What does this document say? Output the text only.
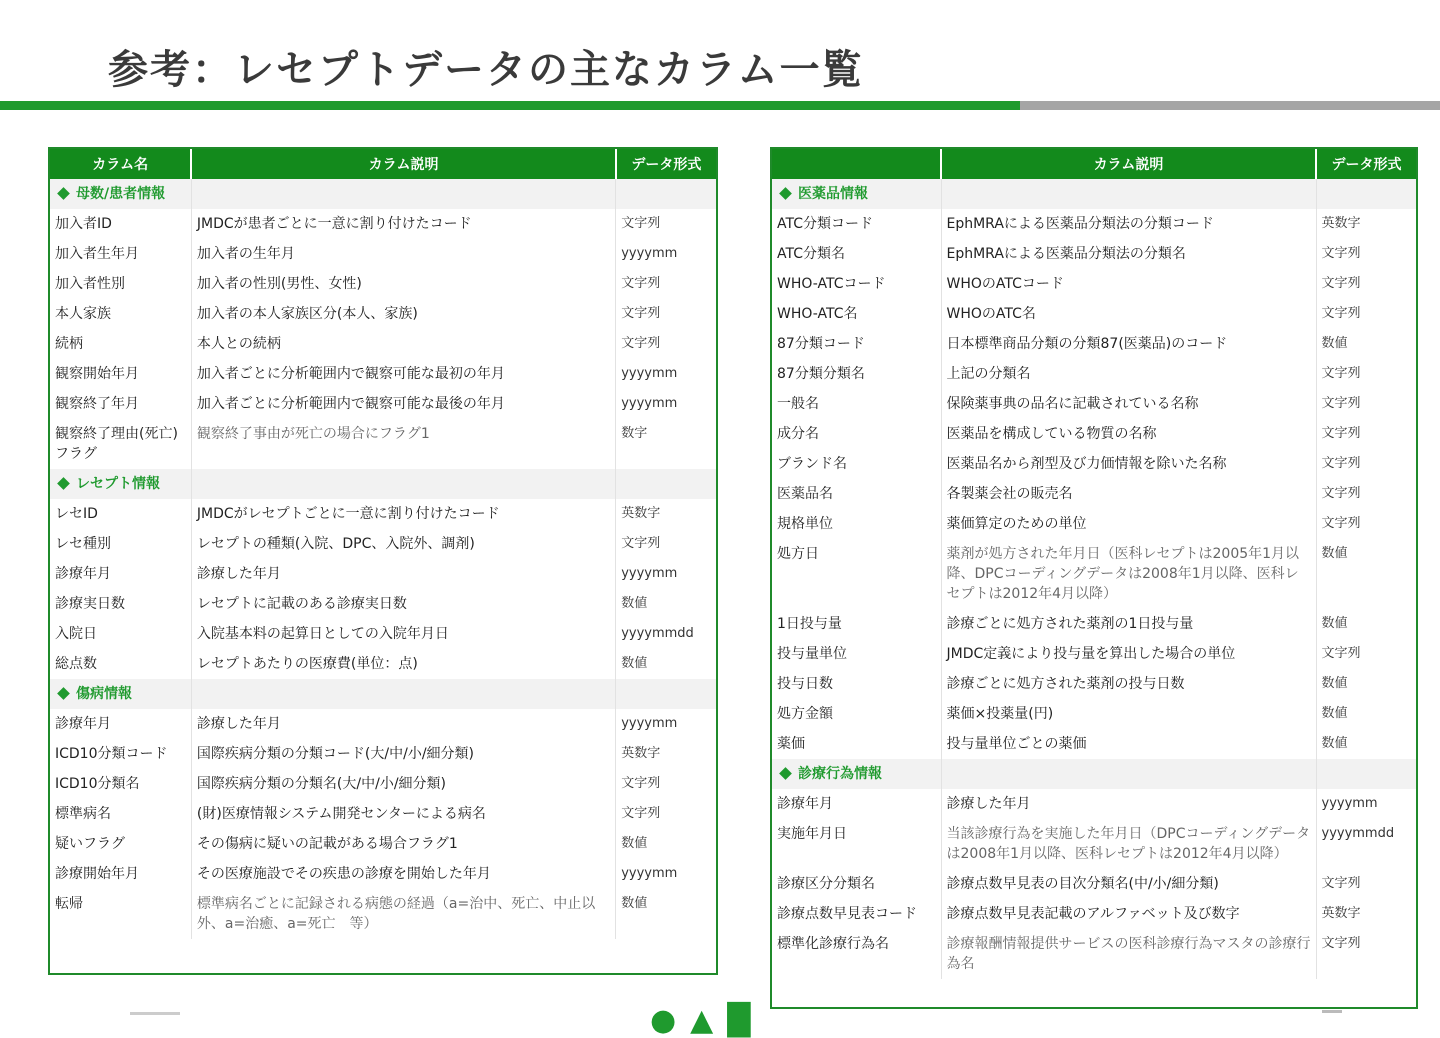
参考：レセプトデータの主なカラム一覧
カラム名	カラム説明	データ形式
母数/患者情報		
加入者ID	JMDCが患者ごとに一意に割り付けたコード	文字列
加入者生年月	加入者の生年月	yyyymm
加入者性別	加入者の性別(男性、女性)	文字列
本人家族	加入者の本人家族区分(本人、家族)	文字列
続柄	本人との続柄	文字列
観察開始年月	加入者ごとに分析範囲内で観察可能な最初の年月	yyyymm
観察終了年月	加入者ごとに分析範囲内で観察可能な最後の年月	yyyymm
観察終了理由(死亡)フラグ	観察終了事由が死亡の場合にフラグ1	数字
レセプト情報		
レセID	JMDCがレセプトごとに一意に割り付けたコード	英数字
レセ種別	レセプトの種類(入院、DPC、入院外、調剤)	文字列
診療年月	診療した年月	yyyymm
診療実日数	レセプトに記載のある診療実日数	数値
入院日	入院基本料の起算日としての入院年月日	yyyymmdd
総点数	レセプトあたりの医療費(単位：点)	数値
傷病情報		
診療年月	診療した年月	yyyymm
ICD10分類コード	国際疾病分類の分類コード(大/中/小/細分類)	英数字
ICD10分類名	国際疾病分類の分類名(大/中/小/細分類)	文字列
標準病名	(財)医療情報システム開発センターによる病名	文字列
疑いフラグ	その傷病に疑いの記載がある場合フラグ1	数値
診療開始年月	その医療施設でその疾患の診療を開始した年月	yyyymm
転帰	標準病名ごとに記録される病態の経過（a=治中、死亡、中止以外、a=治癒、a=死亡　等）	数値
	カラム説明	データ形式
医薬品情報		
ATC分類コード	EphMRAによる医薬品分類法の分類コード	英数字
ATC分類名	EphMRAによる医薬品分類法の分類名	文字列
WHO-ATCコード	WHOのATCコード	文字列
WHO-ATC名	WHOのATC名	文字列
87分類コード	日本標準商品分類の分類87(医薬品)のコード	数値
87分類分類名	上記の分類名	文字列
一般名	保険薬事典の品名に記載されている名称	文字列
成分名	医薬品を構成している物質の名称	文字列
ブランド名	医薬品名から剤型及び力価情報を除いた名称	文字列
医薬品名	各製薬会社の販売名	文字列
規格単位	薬価算定のための単位	文字列
処方日	薬剤が処方された年月日（医科レセプトは2005年1月以降、DPCコーディングデータは2008年1月以降、医科レセプトは2012年4月以降）	数値
1日投与量	診療ごとに処方された薬剤の1日投与量	数値
投与量単位	JMDC定義により投与量を算出した場合の単位	文字列
投与日数	診療ごとに処方された薬剤の投与日数	数値
処方金額	薬価×投薬量(円)	数値
薬価	投与量単位ごとの薬価	数値
診療行為情報		
診療年月	診療した年月	yyyymm
実施年月日	当該診療行為を実施した年月日（DPCコーディングデータは2008年1月以降、医科レセプトは2012年4月以降）	yyyymmdd
診療区分分類名	診療点数早見表の目次分類名(中/小/細分類)	文字列
診療点数早見表コード	診療点数早見表記載のアルファベット及び数字	英数字
標準化診療行為名	診療報酬情報提供サービスの医科診療行為マスタの診療行為名	文字列
●▲█
